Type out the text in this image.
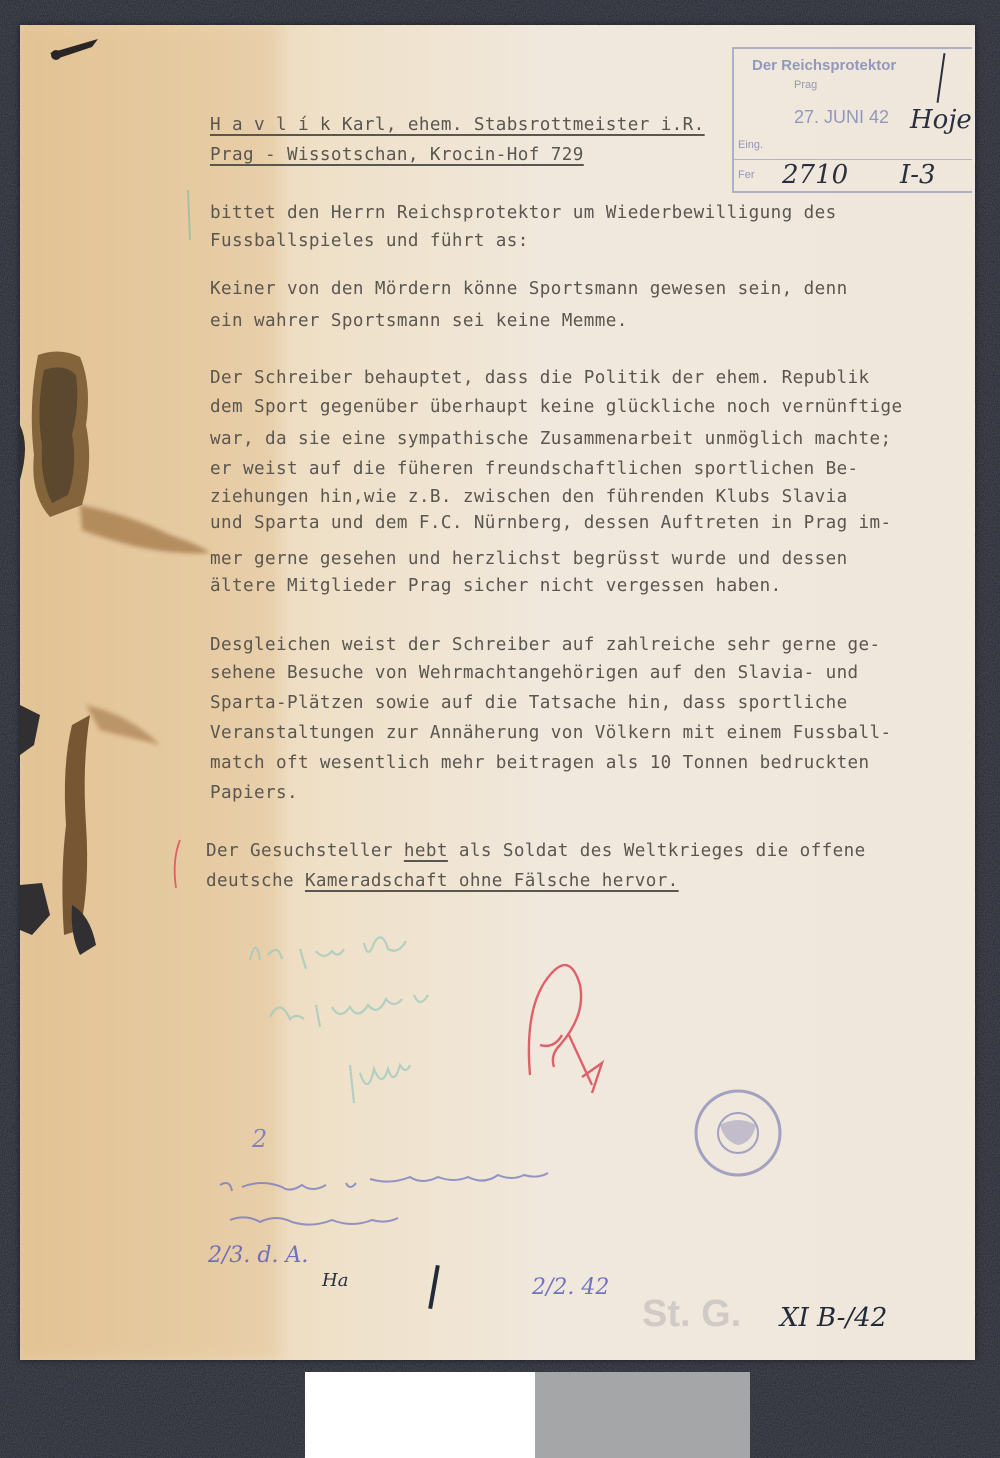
Der Reichsprotektor
Prag
Eing.
27. JUNI 42
Fer
Hoje
2710 I-3
H a v l í k Karl, ehem. Stabsrottmeister i.R.
Prag - Wissotschan, Krocin-Hof 729
bittet den Herrn Reichsprotektor um Wiederbewilligung des
Fussballspieles und führt as:
Keiner von den Mördern könne Sportsmann gewesen sein, denn
ein wahrer Sportsmann sei keine Memme.
Der Schreiber behauptet, dass die Politik der ehem. Republik
dem Sport gegenüber überhaupt keine glückliche noch vernünftige
war, da sie eine sympathische Zusammenarbeit unmöglich machte;
er weist auf die füheren freundschaftlichen sportlichen Be-
ziehungen hin,wie z.B. zwischen den führenden Klubs Slavia
und Sparta und dem F.C. Nürnberg, dessen Auftreten in Prag im-
mer gerne gesehen und herzlichst begrüsst wurde und dessen
ältere Mitglieder Prag sicher nicht vergessen haben.
Desgleichen weist der Schreiber auf zahlreiche sehr gerne ge-
sehene Besuche von Wehrmachtangehörigen auf den Slavia- und
Sparta-Plätzen sowie auf die Tatsache hin, dass sportliche
Veranstaltungen zur Annäherung von Völkern mit einem Fussball-
match oft wesentlich mehr beitragen als 10 Tonnen bedruckten
Papiers.
Der Gesuchsteller hebt als Soldat des Weltkrieges die offene
deutsche Kameradschaft ohne Fälsche hervor.
2
2/3. d. A.
Ha	2/2. 42
St. G. XI B-/42
